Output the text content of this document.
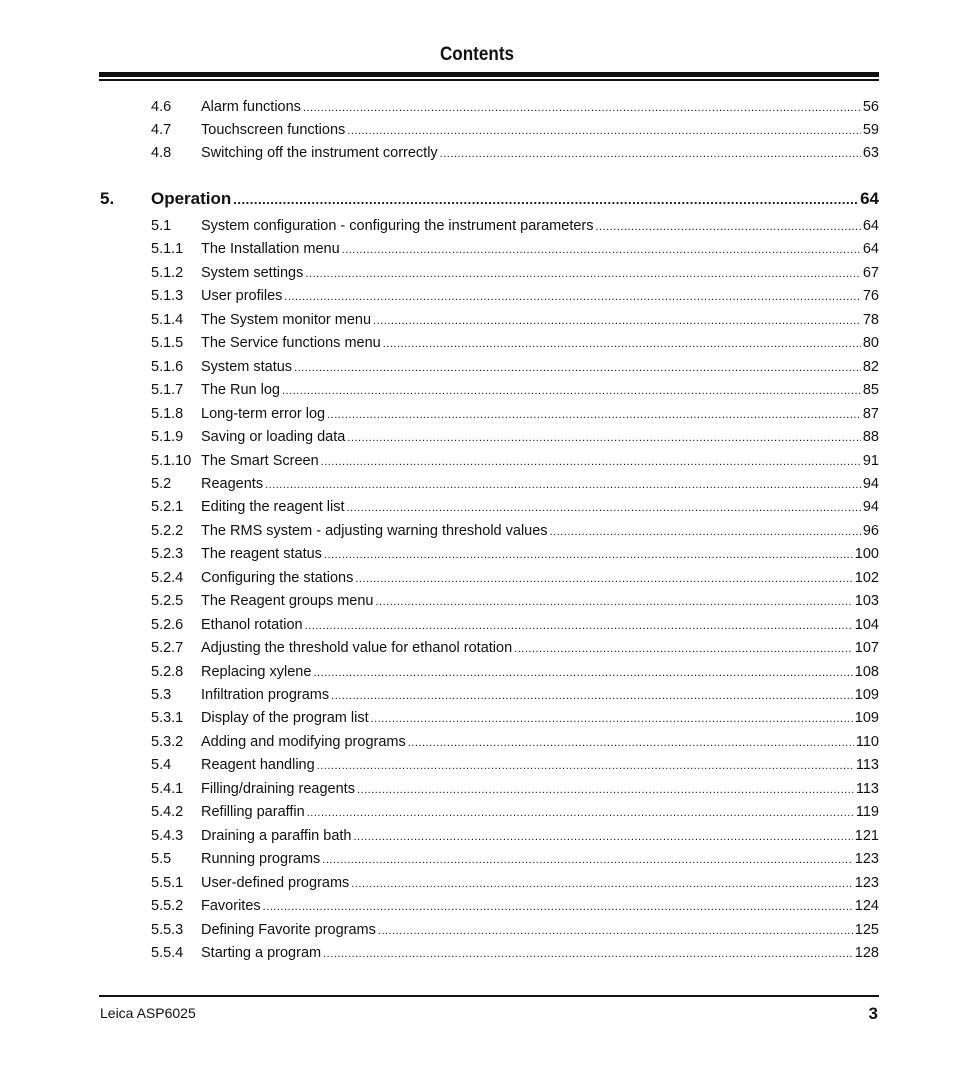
Contents
4.6 Alarm functions .....	56
4.7 Touchscreen functions .....	59
4.8 Switching off the instrument correctly .....	63
5. Operation .....	64
5.1 System configuration - configuring the instrument parameters .....	64
5.1.1 The Installation menu .....	64
5.1.2 System settings .....	67
5.1.3 User profiles .....	76
5.1.4 The System monitor menu .....	78
5.1.5 The Service functions menu .....	80
5.1.6 System status .....	82
5.1.7 The Run log .....	85
5.1.8 Long-term error log .....	87
5.1.9 Saving or loading data .....	88
5.1.10 The Smart Screen .....	91
5.2 Reagents .....	94
5.2.1 Editing the reagent list .....	94
5.2.2 The RMS system - adjusting warning threshold values .....	96
5.2.3 The reagent status .....	100
5.2.4 Configuring the stations .....	102
5.2.5 The Reagent groups menu .....	103
5.2.6 Ethanol rotation .....	104
5.2.7 Adjusting the threshold value for ethanol rotation .....	107
5.2.8 Replacing xylene .....	108
5.3 Infiltration programs .....	109
5.3.1 Display of the program list .....	109
5.3.2 Adding and modifying programs .....	110
5.4 Reagent handling .....	113
5.4.1 Filling/draining reagents .....	113
5.4.2 Refilling paraffin .....	119
5.4.3 Draining a paraffin bath .....	121
5.5 Running programs .....	123
5.5.1 User-defined programs .....	123
5.5.2 Favorites .....	124
5.5.3 Defining Favorite programs .....	125
5.5.4 Starting a program .....	128
Leica ASP6025	3
